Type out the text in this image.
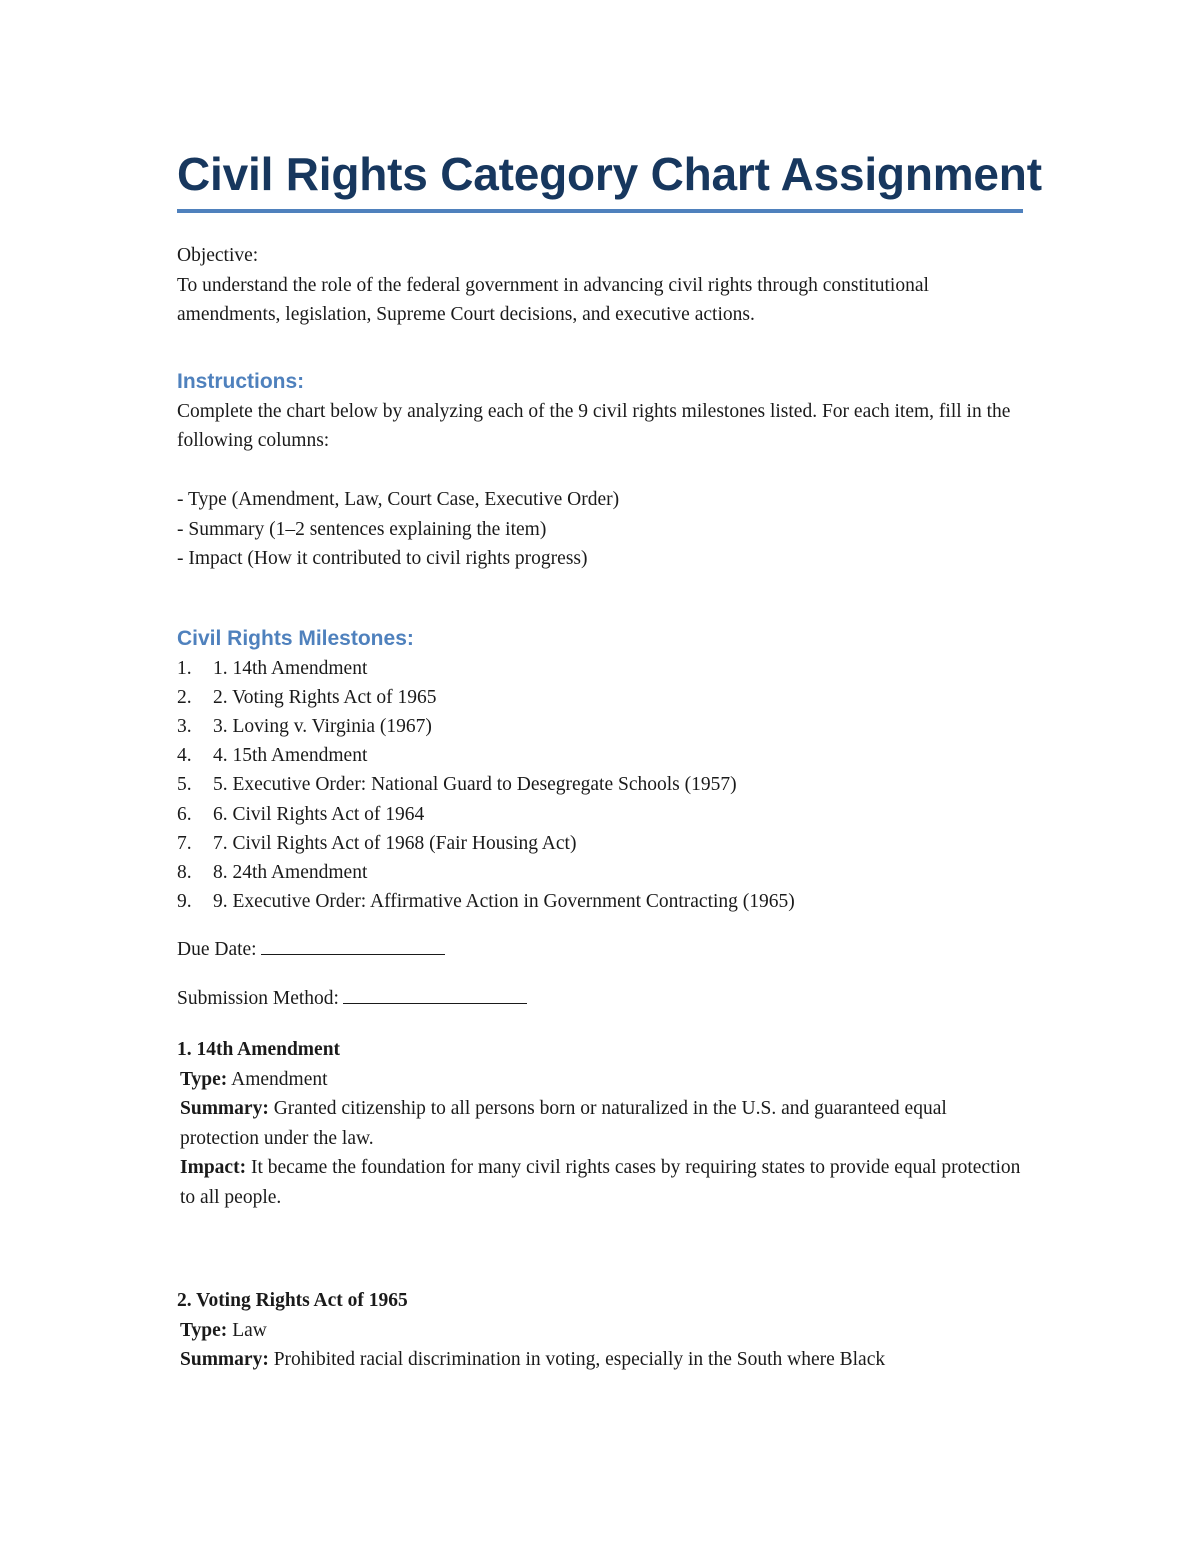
Civil Rights Category Chart Assignment
Objective:
To understand the role of the federal government in advancing civil rights through constitutional amendments, legislation, Supreme Court decisions, and executive actions.
Instructions:
Complete the chart below by analyzing each of the 9 civil rights milestones listed. For each item, fill in the following columns:
- Type (Amendment, Law, Court Case, Executive Order)
- Summary (1–2 sentences explaining the item)
- Impact (How it contributed to civil rights progress)
Civil Rights Milestones:
1.	1. 14th Amendment
2.	2. Voting Rights Act of 1965
3.	3. Loving v. Virginia (1967)
4.	4. 15th Amendment
5.	5. Executive Order: National Guard to Desegregate Schools (1957)
6.	6. Civil Rights Act of 1964
7.	7. Civil Rights Act of 1968 (Fair Housing Act)
8.	8. 24th Amendment
9.	9. Executive Order: Affirmative Action in Government Contracting (1965)
Due Date:
Submission Method:
1. 14th Amendment
Type: Amendment
Summary: Granted citizenship to all persons born or naturalized in the U.S. and guaranteed equal protection under the law.
Impact: It became the foundation for many civil rights cases by requiring states to provide equal protection to all people.
2. Voting Rights Act of 1965
Type: Law
Summary: Prohibited racial discrimination in voting, especially in the South where Black
